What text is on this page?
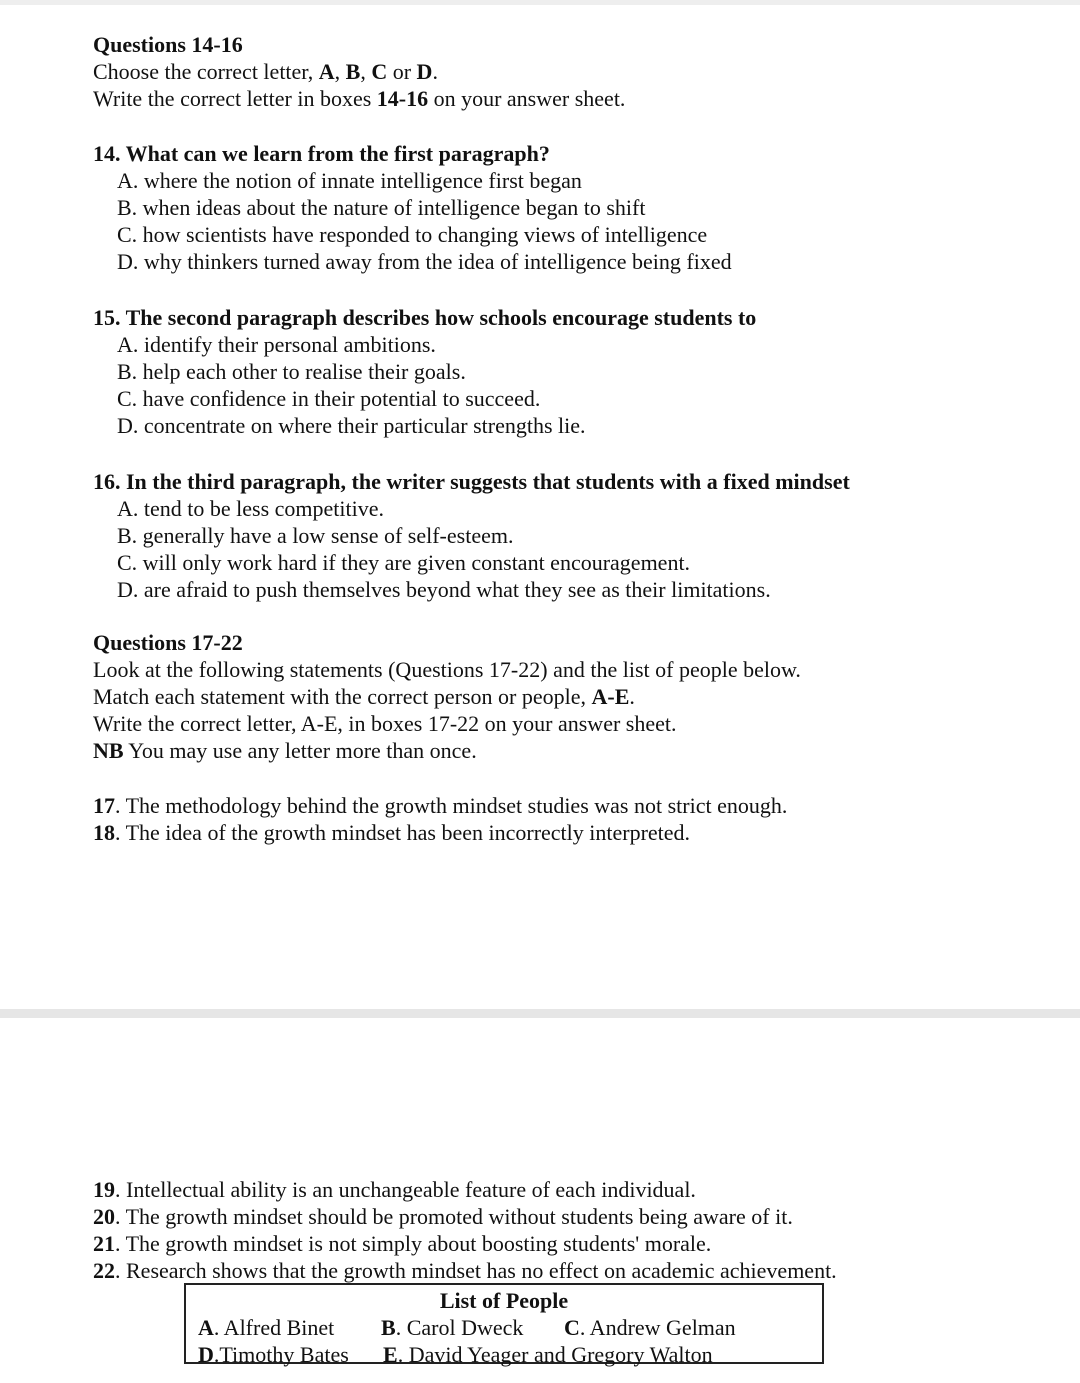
Questions 14-16
Choose the correct letter, A, B, C or D.
Write the correct letter in boxes 14-16 on your answer sheet.
14. What can we learn from the first paragraph?
A. where the notion of innate intelligence first began
B. when ideas about the nature of intelligence began to shift
C. how scientists have responded to changing views of intelligence
D. why thinkers turned away from the idea of intelligence being fixed
15. The second paragraph describes how schools encourage students to
A. identify their personal ambitions.
B. help each other to realise their goals.
C. have confidence in their potential to succeed.
D. concentrate on where their particular strengths lie.
16. In the third paragraph, the writer suggests that students with a fixed mindset
A. tend to be less competitive.
B. generally have a low sense of self-esteem.
C. will only work hard if they are given constant encouragement.
D. are afraid to push themselves beyond what they see as their limitations.
Questions 17-22
Look at the following statements (Questions 17-22) and the list of people below.
Match each statement with the correct person or people, A-E.
Write the correct letter, A-E, in boxes 17-22 on your answer sheet.
NB You may use any letter more than once.
17. The methodology behind the growth mindset studies was not strict enough.
18. The idea of the growth mindset has been incorrectly interpreted.
19. Intellectual ability is an unchangeable feature of each individual.
20. The growth mindset should be promoted without students being aware of it.
21. The growth mindset is not simply about boosting students' morale.
22. Research shows that the growth mindset has no effect on academic achievement.
List of People
A. Alfred Binet B. Carol Dweck C. Andrew Gelman
D.Timothy Bates E. David Yeager and Gregory Walton
